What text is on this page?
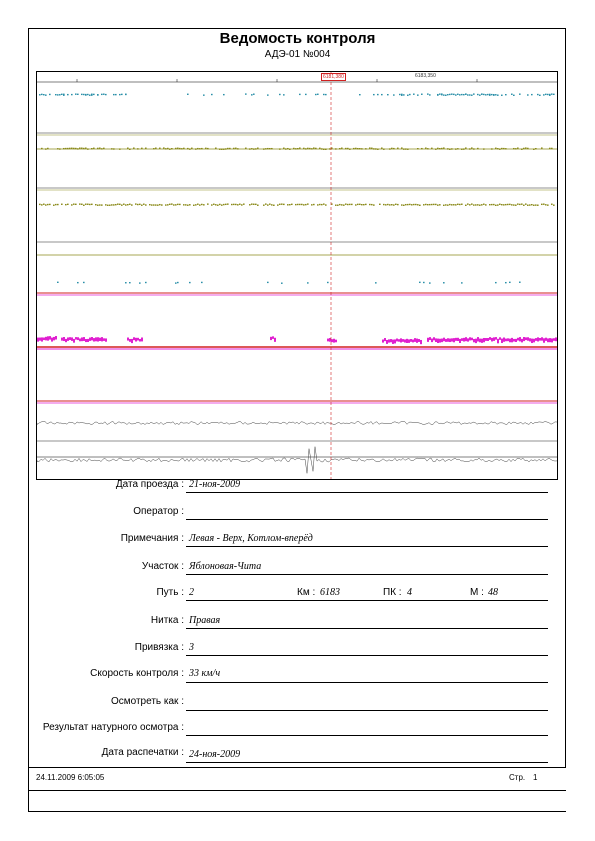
Ведомость контроля
АДЭ-01 №004
6181,380	6183,350
Дата проезда : 21-ноя-2009
Оператор :
Примечания : Левая - Верх, Котлом-вперёд
Участок : Яблоновая-Чита
Путь : 2	Км : 6183	ПК : 4	М : 48
Нитка : Правая
Привязка : 3
Скорость контроля : 33 км/ч
Осмотреть как :
Результат натурного осмотра :
Дата распечатки : 24-ноя-2009
24.11.2009 6:05:05	Стр. 1
